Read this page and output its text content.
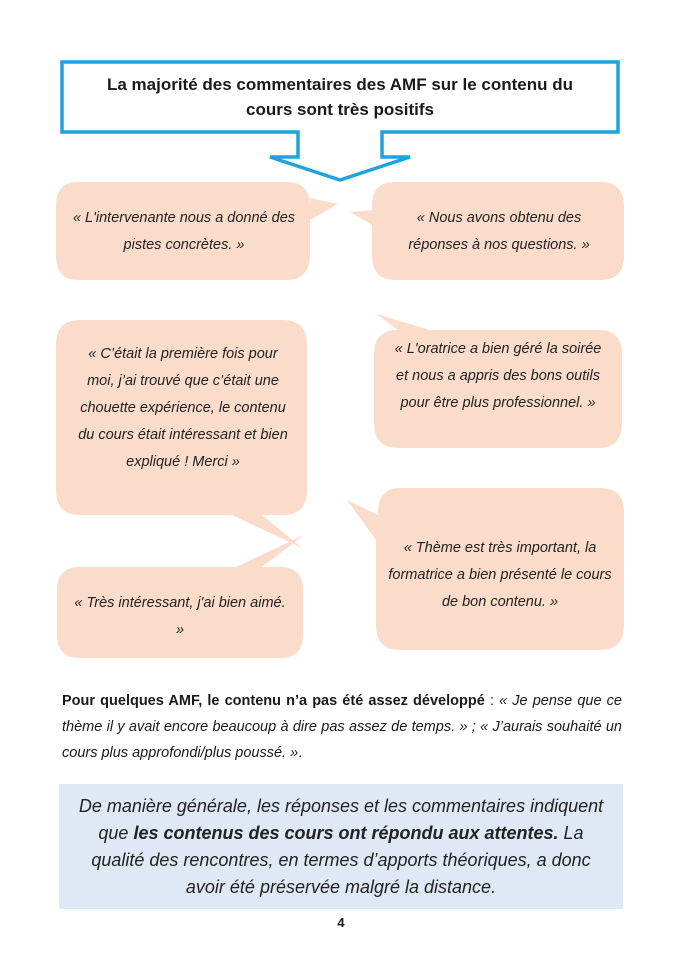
La majorité des commentaires des AMF sur le contenu du cours sont très positifs
« L'intervenante nous a donné des pistes concrètes. »
« Nous avons obtenu des réponses à nos questions. »
« C’était la première fois pour moi, j’ai trouvé que c’était une chouette expérience, le contenu du cours était intéressant et bien expliqué ! Merci »
« L'oratrice a bien géré la soirée et nous a appris des bons outils pour être plus professionnel. »
« Thème est très important, la formatrice a bien présenté le cours de bon contenu. »
« Très intéressant, j'ai bien aimé. »
Pour quelques AMF, le contenu n’a pas été assez développé : « Je pense que ce thème il y avait encore beaucoup à dire pas assez de temps. » ; « J’aurais souhaité un cours plus approfondi/plus poussé. ».

De manière générale, les réponses et les commentaires indiquent que les contenus des cours ont répondu aux attentes. La qualité des rencontres, en termes d’apports théoriques, a donc avoir été préservée malgré la distance.

4
